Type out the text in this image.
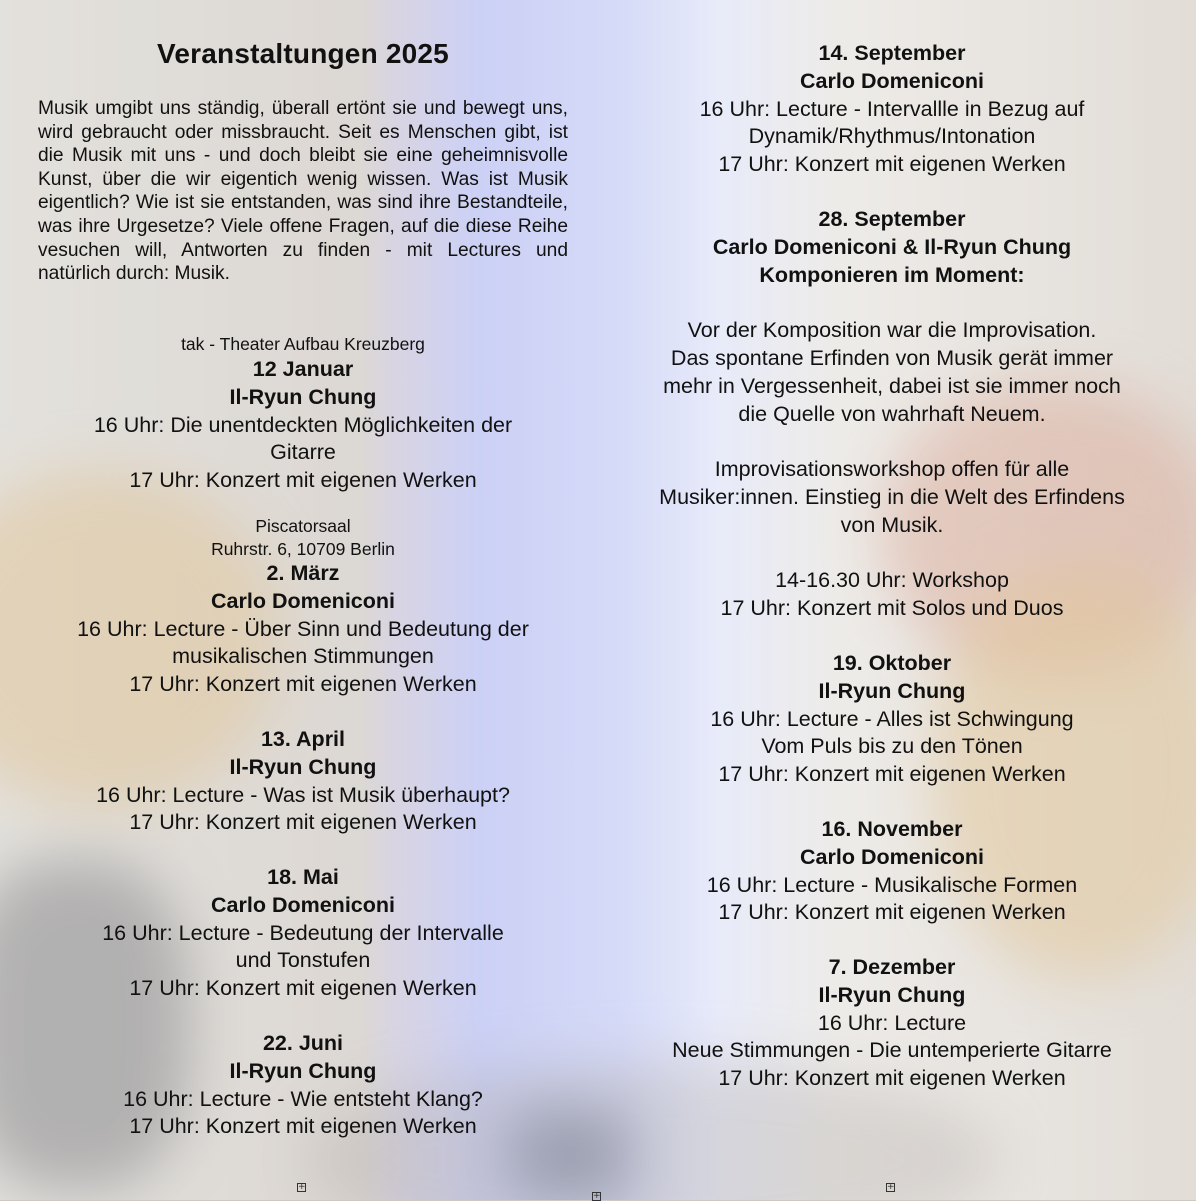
Veranstaltungen 2025

Musik umgibt uns ständig, überall ertönt sie und bewegt uns, wird gebraucht oder missbraucht. Seit es Menschen gibt, ist die Musik mit uns - und doch bleibt sie eine geheimnisvolle Kunst, über die wir eigentich wenig wissen. Was ist Musik eigentlich? Wie ist sie entstanden, was sind ihre Bestandteile, was ihre Urgesetze? Viele offene Fragen, auf die diese Reihe vesuchen will, Antworten zu finden - mit Lectures und natürlich durch: Musik.

tak - Theater Aufbau Kreuzberg
12 Januar
Il-Ryun Chung
16 Uhr: Die unentdeckten Möglichkeiten der
Gitarre
17 Uhr: Konzert mit eigenen Werken
Piscatorsaal
Ruhrstr. 6, 10709 Berlin
2. März
Carlo Domeniconi
16 Uhr: Lecture - Über Sinn und Bedeutung der
musikalischen Stimmungen
17 Uhr: Konzert mit eigenen Werken
13. April
Il-Ryun Chung
16 Uhr: Lecture - Was ist Musik überhaupt?
17 Uhr: Konzert mit eigenen Werken
18. Mai
Carlo Domeniconi
16 Uhr: Lecture - Bedeutung der Intervalle
und Tonstufen
17 Uhr: Konzert mit eigenen Werken
22. Juni
Il-Ryun Chung
16 Uhr: Lecture - Wie entsteht Klang?
17 Uhr: Konzert mit eigenen Werken
14. September
Carlo Domeniconi
16 Uhr: Lecture - Intervallle in Bezug auf
Dynamik/Rhythmus/Intonation
17 Uhr: Konzert mit eigenen Werken
28. September
Carlo Domeniconi & Il-Ryun Chung
Komponieren im Moment:

Vor der Komposition war die Improvisation.
Das spontane Erfinden von Musik gerät immer
mehr in Vergessenheit, dabei ist sie immer noch
die Quelle von wahrhaft Neuem.

Improvisationsworkshop offen für alle
Musiker:innen. Einstieg in die Welt des Erfindens
von Musik.

14-16.30 Uhr: Workshop
17 Uhr: Konzert mit Solos und Duos
19. Oktober
Il-Ryun Chung
16 Uhr: Lecture - Alles ist Schwingung
Vom Puls bis zu den Tönen
17 Uhr: Konzert mit eigenen Werken
16. November
Carlo Domeniconi
16 Uhr: Lecture - Musikalische Formen
17 Uhr: Konzert mit eigenen Werken
7. Dezember
Il-Ryun Chung
16 Uhr: Lecture
Neue Stimmungen - Die untemperierte Gitarre
17 Uhr: Konzert mit eigenen Werken
+
+
+
